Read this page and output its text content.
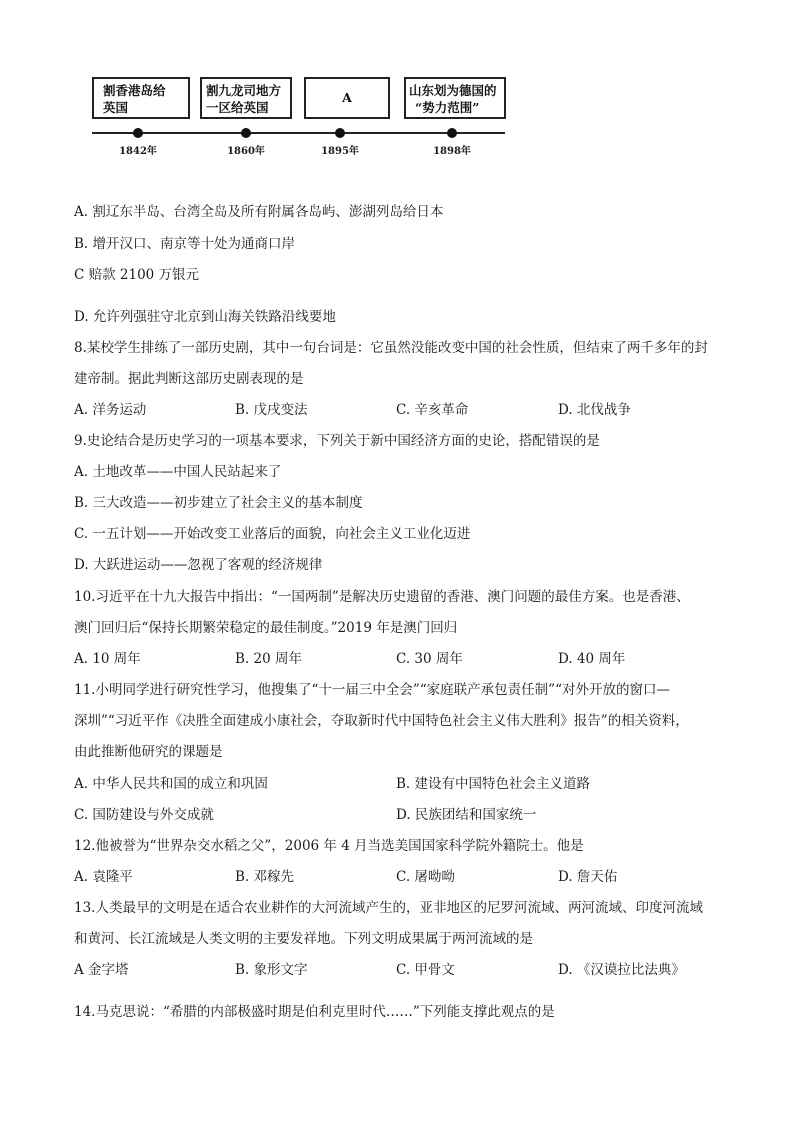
割香港岛给
英国
割九龙司地方
一区给英国
A	山东划为德国的
“势力范围”
1842年	1860年	1895年	1898年
A. 割辽东半岛、台湾全岛及所有附属各岛屿、澎湖列岛给日本
B. 增开汉口、南京等十处为通商口岸
C 赔款 2100 万银元
D. 允许列强驻守北京到山海关铁路沿线要地
8.某校学生排练了一部历史剧，其中一句台词是：它虽然没能改变中国的社会性质，但结束了两千多年的封
建帝制。据此判断这部历史剧表现的是
A. 洋务运动	B. 戊戌变法	C. 辛亥革命	D. 北伐战争
9.史论结合是历史学习的一项基本要求，下列关于新中国经济方面的史论，搭配错误的是
A. 土地改革——中国人民站起来了
B. 三大改造——初步建立了社会主义的基本制度
C. 一五计划——开始改变工业落后的面貌，向社会主义工业化迈进
D. 大跃进运动——忽视了客观的经济规律
10.习近平在十九大报告中指出：“一国两制”是解决历史遗留的香港、澳门问题的最佳方案。也是香港、
澳门回归后“保持长期繁荣稳定的最佳制度。”2019 年是澳门回归
A. 10 周年	B. 20 周年	C. 30 周年	D. 40 周年
11.小明同学进行研究性学习，他搜集了“十一届三中全会”“家庭联产承包责任制”“对外开放的窗口—
深圳”“习近平作《决胜全面建成小康社会，夺取新时代中国特色社会主义伟大胜利》报告”的相关资料，
由此推断他研究的课题是
A. 中华人民共和国的成立和巩固	B. 建设有中国特色社会主义道路
C. 国防建设与外交成就	D. 民族团结和国家统一
12.他被誉为“世界杂交水稻之父”，2006 年 4 月当选美国国家科学院外籍院士。他是
A. 袁隆平	B. 邓稼先	C. 屠呦呦	D. 詹天佑
13.人类最早的文明是在适合农业耕作的大河流域产生的，亚非地区的尼罗河流域、两河流域、印度河流域
和黄河、长江流域是人类文明的主要发祥地。下列文明成果属于两河流域的是
A 金字塔	B. 象形文字	C. 甲骨文	D. 《汉谟拉比法典》
14.马克思说：“希腊的内部极盛时期是伯利克里时代……”下列能支撑此观点的是
